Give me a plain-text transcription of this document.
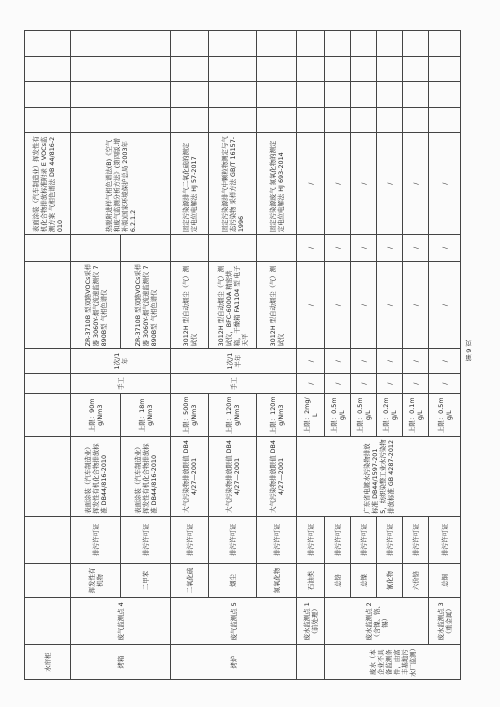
水帘柜										表面涂装（汽车制造业）挥发性有机化合物排放标准附录 E VOCs监测方案 气相色谱法 DB 44/816-2010				
烤箱	废气监测点 4	挥发性有机物	排污许可证	表面涂装（汽车制造业）挥发性有机化合物排放标准 DB44/816-2010	上限：90mg/Nm3	手工	1次/1年	ZR-3710B 型双路VOCs采样器 3060Y-烟气流速监测仪 7890B型 气相色谱仪		热脱附进样气相色谱法(B)《空气和废气监测分析方法》(第四版.增补版)国家环境保护总局 2003年 6.2.1.2				
		二甲苯	排污许可证	表面涂装（汽车制造业）挥发性有机化合物排放标准 DB44/816-2010	上限：18mg/Nm3			ZR-3710B 型双路VOCs采样器 3060Y-烟气流速监测仪 7890B型 气相色谱仪						
烤炉	废气监测点 5	二氧化硫	排污许可证	大气污染物排放限值 DB44/27—2001	上限：500mg/Nm3	手工	1次/1半年	3012H 型自动烟尘（气）测试仪		固定污染源排气二氧化硫的测定 定电位电解法 HJ 57-2017				
		烟尘	排污许可证	大气污染物排放限值 DB44/27—2001	上限：120mg/Nm3			3012H 型自动烟尘（气）测试仪，BFC-6000A 精密烘箱，干燥箱 FA1104 型 电子天平		固定污染源排气中颗粒物测定与气态污染物 采样方法 GB/T 16157-1996				
		氮氧化物	排污许可证	大气污染物排放限值 DB44/27—2001	上限：120mg/Nm3			3012H 型自动烟尘（气）测试仪		固定污染源废气 氮氧化物的测定 定电位电解法 HJ 693-2014				
	废水监测点 1（前处理）	石油类	排污许可证	广东省电镀水污染物排放标准 DB44/1597-2015，纺织染整工业水污染物排放标准 GB 4287-2012	上限：2mg/L	/	/	/	/	/				
废水（本企业不具备监测条件，由富丰基地污水厂监测）	废水监测点 2（含镍、铬、锡）	总铬	排污许可证		上限：0.5mg/L	/	/	/	/	/				
		总镍	排污许可证		上限：0.5mg/L	/	/	/	/	/				
		氰化物	排污许可证		上限：0.2mg/L	/	/	/	/	/				
		六价铬	排污许可证		上限：0.1mg/L	/	/	/	/	/				
	废水监测点 3（重金属）	总铜	排污许可证		上限：0.5mg/L	/	/	/	/	/				
第 9 页
